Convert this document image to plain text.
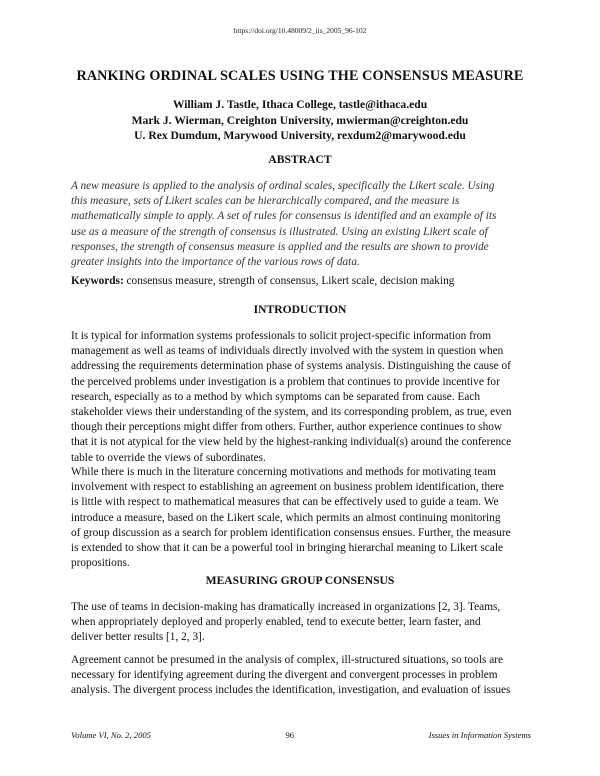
https://doi.org/10.48009/2_iis_2005_96-102
RANKING ORDINAL SCALES USING THE CONSENSUS MEASURE
William J. Tastle, Ithaca College, tastle@ithaca.edu
Mark J. Wierman, Creighton University, mwierman@creighton.edu
U. Rex Dumdum, Marywood University, rexdum2@marywood.edu
ABSTRACT
A new measure is applied to the analysis of ordinal scales, specifically the Likert scale. Using
this measure, sets of Likert scales can be hierarchically compared, and the measure is
mathematically simple to apply. A set of rules for consensus is identified and an example of its
use as a measure of the strength of consensus is illustrated. Using an existing Likert scale of
responses, the strength of consensus measure is applied and the results are shown to provide
greater insights into the importance of the various rows of data.
Keywords: consensus measure, strength of consensus, Likert scale, decision making
INTRODUCTION
It is typical for information systems professionals to solicit project-specific information from
management as well as teams of individuals directly involved with the system in question when
addressing the requirements determination phase of systems analysis. Distinguishing the cause of
the perceived problems under investigation is a problem that continues to provide incentive for
research, especially as to a method by which symptoms can be separated from cause. Each
stakeholder views their understanding of the system, and its corresponding problem, as true, even
though their perceptions might differ from others. Further, author experience continues to show
that it is not atypical for the view held by the highest-ranking individual(s) around the conference
table to override the views of subordinates.
While there is much in the literature concerning motivations and methods for motivating team
involvement with respect to establishing an agreement on business problem identification, there
is little with respect to mathematical measures that can be effectively used to guide a team. We
introduce a measure, based on the Likert scale, which permits an almost continuing monitoring
of group discussion as a search for problem identification consensus ensues. Further, the measure
is extended to show that it can be a powerful tool in bringing hierarchal meaning to Likert scale
propositions.
MEASURING GROUP CONSENSUS
The use of teams in decision-making has dramatically increased in organizations [2, 3]. Teams,
when appropriately deployed and properly enabled, tend to execute better, learn faster, and
deliver better results [1, 2, 3].
Agreement cannot be presumed in the analysis of complex, ill-structured situations, so tools are
necessary for identifying agreement during the divergent and convergent processes in problem
analysis. The divergent process includes the identification, investigation, and evaluation of issues
Volume VI, No. 2, 2005	96	Issues in Information Systems
